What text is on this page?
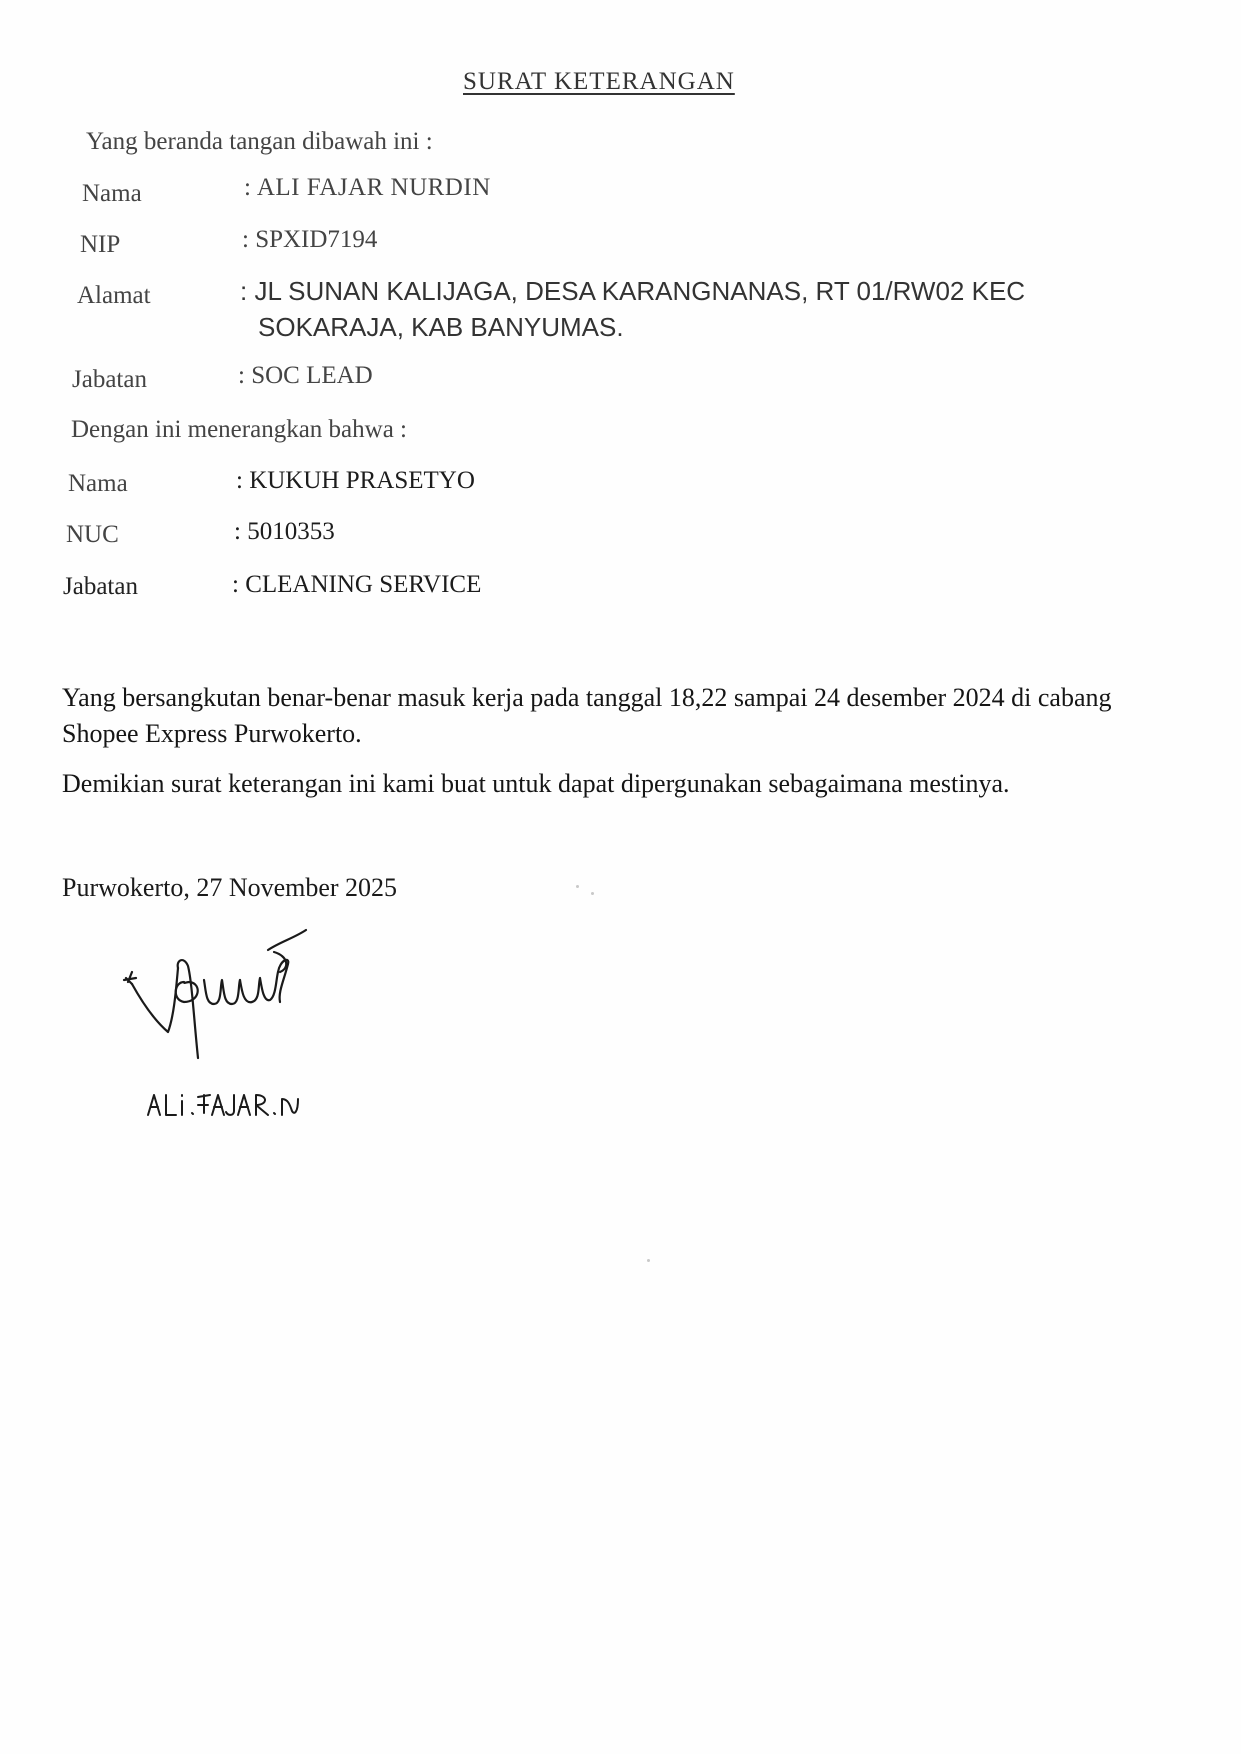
SURAT KETERANGAN
Yang beranda tangan dibawah ini :
Nama	: ALI FAJAR NURDIN
NIP	: SPXID7194
Alamat	: JL SUNAN KALIJAGA, DESA KARANGNANAS, RT 01/RW02 KEC
SOKARAJA, KAB BANYUMAS.
Jabatan	: SOC LEAD
Dengan ini menerangkan bahwa :
Nama	: KUKUH PRASETYO
NUC	: 5010353
Jabatan	: CLEANING SERVICE
Yang bersangkutan benar-benar masuk kerja pada tanggal 18,22 sampai 24 desember 2024 di cabang Shopee Express Purwokerto.
Demikian surat keterangan ini kami buat untuk dapat dipergunakan sebagaimana mestinya.
Purwokerto, 27 November 2025
